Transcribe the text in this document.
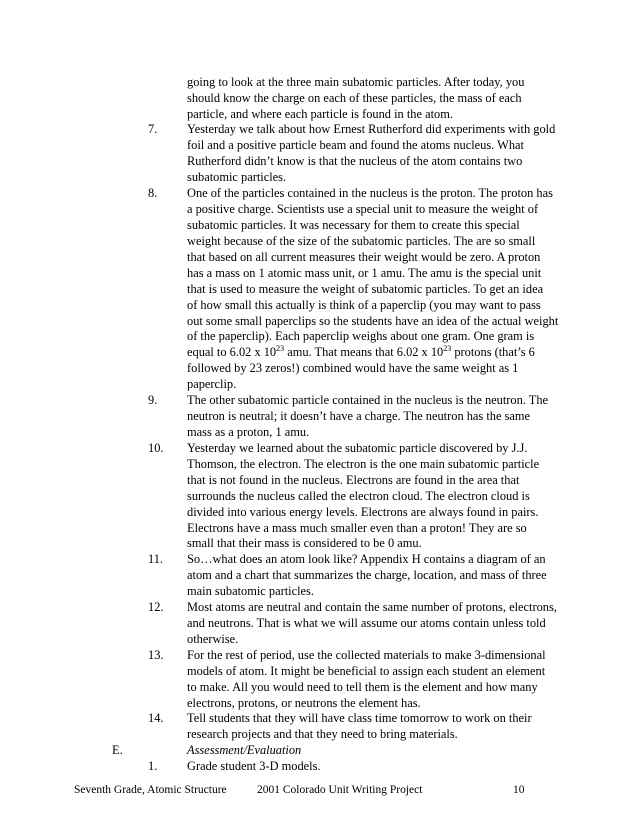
going to look at the three main subatomic particles. After today, you
should know the charge on each of these particles, the mass of each
particle, and where each particle is found in the atom.
7. Yesterday we talk about how Ernest Rutherford did experiments with gold
foil and a positive particle beam and found the atoms nucleus. What
Rutherford didn’t know is that the nucleus of the atom contains two
subatomic particles.
8. One of the particles contained in the nucleus is the proton. The proton has
a positive charge. Scientists use a special unit to measure the weight of
subatomic particles. It was necessary for them to create this special
weight because of the size of the subatomic particles. The are so small
that based on all current measures their weight would be zero. A proton
has a mass on 1 atomic mass unit, or 1 amu. The amu is the special unit
that is used to measure the weight of subatomic particles. To get an idea
of how small this actually is think of a paperclip (you may want to pass
out some small paperclips so the students have an idea of the actual weight
of the paperclip). Each paperclip weighs about one gram. One gram is
equal to 6.02 x $10^{23}$ amu. That means that 6.02 x $10^{23}$ protons (that’s 6
followed by 23 zeros!) combined would have the same weight as 1
paperclip.
9. The other subatomic particle contained in the nucleus is the neutron. The
neutron is neutral; it doesn’t have a charge. The neutron has the same
mass as a proton, 1 amu.
10. Yesterday we learned about the subatomic particle discovered by J.J.
Thomson, the electron. The electron is the one main subatomic particle
that is not found in the nucleus. Electrons are found in the area that
surrounds the nucleus called the electron cloud. The electron cloud is
divided into various energy levels. Electrons are always found in pairs.
Electrons have a mass much smaller even than a proton! They are so
small that their mass is considered to be 0 amu.
11. So…what does an atom look like? Appendix H contains a diagram of an
atom and a chart that summarizes the charge, location, and mass of three
main subatomic particles.
12. Most atoms are neutral and contain the same number of protons, electrons,
and neutrons. That is what we will assume our atoms contain unless told
otherwise.
13. For the rest of period, use the collected materials to make 3-dimensional
models of atom. It might be beneficial to assign each student an element
to make. All you would need to tell them is the element and how many
electrons, protons, or neutrons the element has.
14. Tell students that they will have class time tomorrow to work on their
research projects and that they need to bring materials.
E.	Assessment/Evaluation
1. Grade student 3-D models.
Seventh Grade, Atomic Structure	2001 Colorado Unit Writing Project	10
